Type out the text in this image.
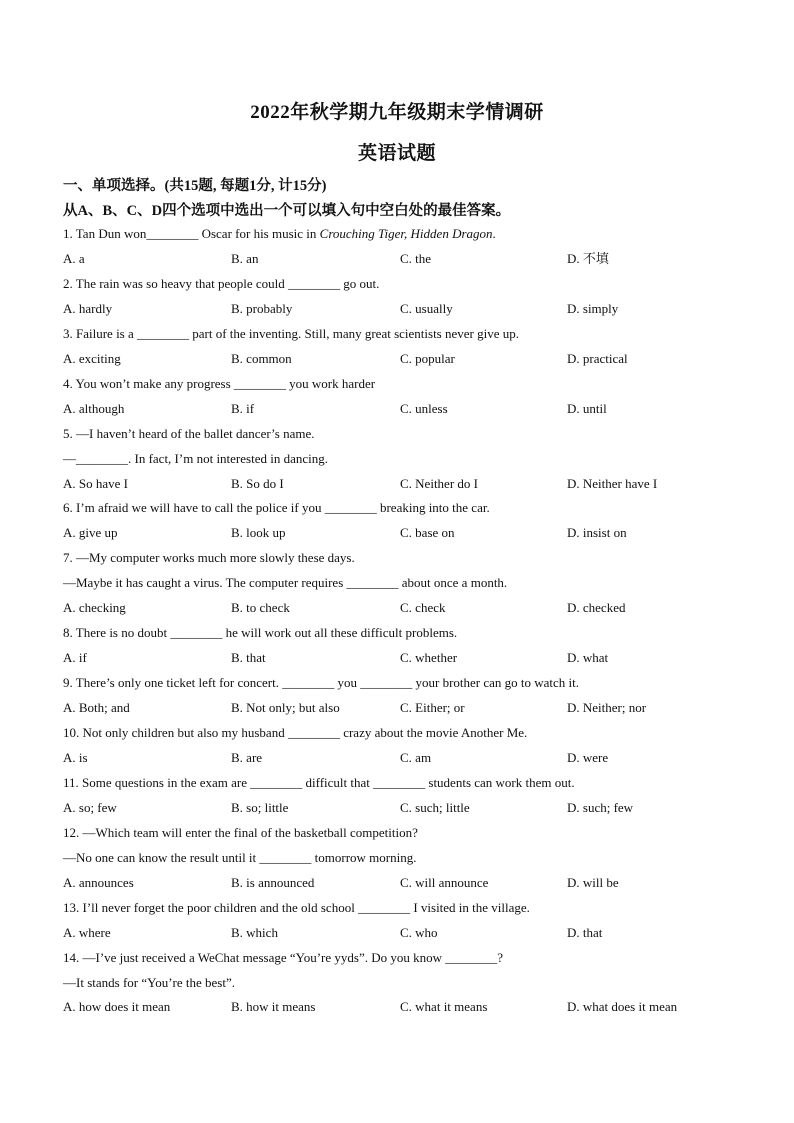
2022年秋学期九年级期末学情调研
英语试题
一、单项选择。(共15题, 每题1分, 计15分)
从A、B、C、D四个选项中选出一个可以填入句中空白处的最佳答案。
1. Tan Dun won________ Oscar for his music in Crouching Tiger, Hidden Dragon.
A. a	B. an	C. the	D. 不填
2. The rain was so heavy that people could ________ go out.
A. hardly	B. probably	C. usually	D. simply
3. Failure is a ________ part of the inventing. Still, many great scientists never give up.
A. exciting	B. common	C. popular	D. practical
4. You won’t make any progress ________ you work harder
A. although	B. if	C. unless	D. until
5. —I haven’t heard of the ballet dancer’s name.
—________. In fact, I’m not interested in dancing.
A. So have I	B. So do I	C. Neither do I	D. Neither have I
6. I’m afraid we will have to call the police if you ________ breaking into the car.
A. give up	B. look up	C. base on	D. insist on
7. —My computer works much more slowly these days.
—Maybe it has caught a virus. The computer requires ________ about once a month.
A. checking	B. to check	C. check	D. checked
8. There is no doubt ________ he will work out all these difficult problems.
A. if	B. that	C. whether	D. what
9. There’s only one ticket left for concert. ________ you ________ your brother can go to watch it.
A. Both; and	B. Not only; but also	C. Either; or	D. Neither; nor
10. Not only children but also my husband ________ crazy about the movie Another Me.
A. is	B. are	C. am	D. were
11. Some questions in the exam are ________ difficult that ________ students can work them out.
A. so; few	B. so; little	C. such; little	D. such; few
12. —Which team will enter the final of the basketball competition?
—No one can know the result until it ________ tomorrow morning.
A. announces	B. is announced	C. will announce	D. will be
13. I’ll never forget the poor children and the old school ________ I visited in the village.
A. where	B. which	C. who	D. that
14. —I’ve just received a WeChat message “You’re yyds”. Do you know ________?
—It stands for “You’re the best”.
A. how does it mean	B. how it means	C. what it means	D. what does it mean
